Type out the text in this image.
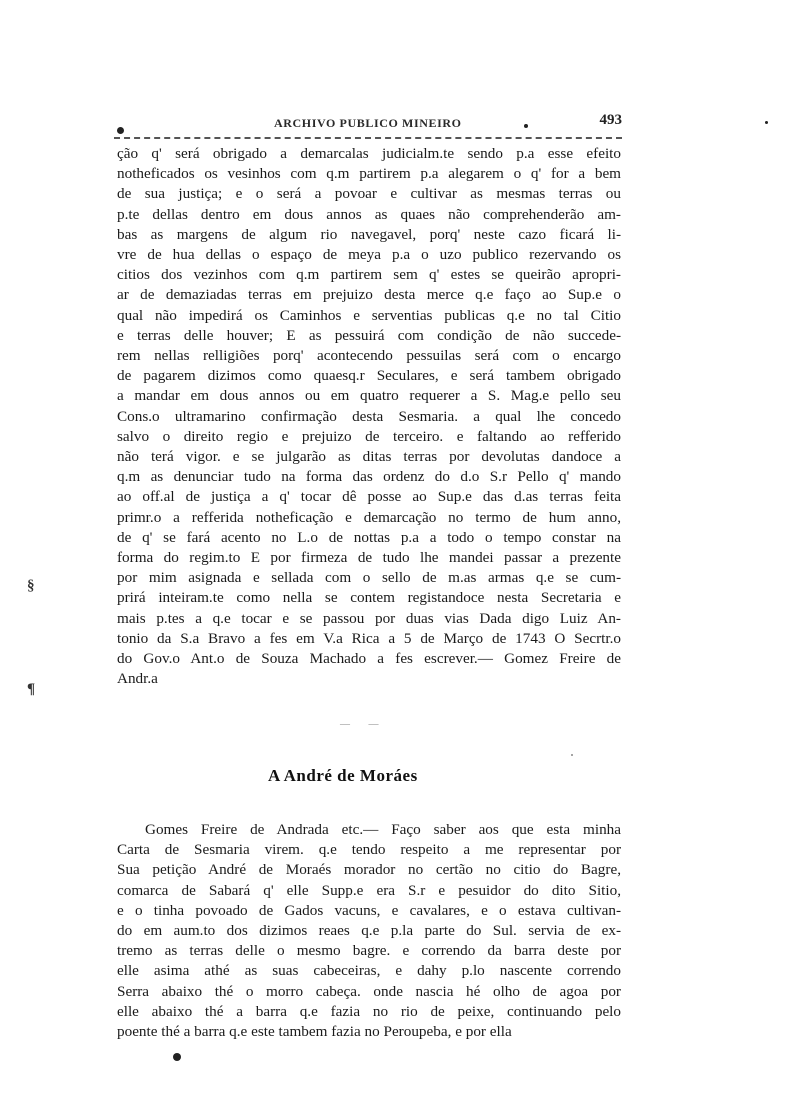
ARCHIVO PUBLICO MINEIRO	493
ção q' será obrigado a demarcalas judicialm.te sendo p.a esse efeito
notheficados os vesinhos com q.m partirem p.a alegarem o q' for a bem
de sua justiça; e o será a povoar e cultivar as mesmas terras ou
p.te dellas dentro em dous annos as quaes não comprehenderão am-
bas as margens de algum rio navegavel, porq' neste cazo ficará li-
vre de hua dellas o espaço de meya p.a o uzo publico rezervando os
citios dos vezinhos com q.m partirem sem q' estes se queirão apropri-
ar de demaziadas terras em prejuizo desta merce q.e faço ao Sup.e o
qual não impedirá os Caminhos e serventias publicas q.e no tal Citio
e terras delle houver; E as pessuirá com condição de não succede-
rem nellas relligiões porq' acontecendo pessuilas será com o encargo
de pagarem dizimos como quaesq.r Seculares, e será tambem obrigado
a mandar em dous annos ou em quatro requerer a S. Mag.e pello seu
Cons.o ultramarino confirmação desta Sesmaria. a qual lhe concedo
salvo o direito regio e prejuizo de terceiro. e faltando ao refferido
não terá vigor. e se julgarão as ditas terras por devolutas dandoce a
q.m as denunciar tudo na forma das ordenz do d.o S.r Pello q' mando
ao off.al de justiça a q' tocar dê posse ao Sup.e das d.as terras feita
primr.o a refferida notheficação e demarcação no termo de hum anno,
de q' se fará acento no L.o de nottas p.a a todo o tempo constar na
forma do regim.to E por firmeza de tudo lhe mandei passar a prezente
por mim asignada e sellada com o sello de m.as armas q.e se cum-
prirá inteiram.te como nella se contem registandoce nesta Secretaria e
mais p.tes a q.e tocar e se passou por duas vias Dada digo Luiz An-
tonio da S.a Bravo a fes em V.a Rica a 5 de Março de 1743 O Secrtr.o
do Gov.o Ant.o de Souza Machado a fes escrever.— Gomez Freire de
Andr.a
§
¶
— —
A André de Moráes
Gomes Freire de Andrada etc.— Faço saber aos que esta minha
Carta de Sesmaria virem. q.e tendo respeito a me representar por
Sua petição André de Moraés morador no certão no citio do Bagre,
comarca de Sabará q' elle Supp.e era S.r e pesuidor do dito Sitio,
e o tinha povoado de Gados vacuns, e cavalares, e o estava cultivan-
do em aum.to dos dizimos reaes q.e p.la parte do Sul. servia de ex-
tremo as terras delle o mesmo bagre. e correndo da barra deste por
elle asima athé as suas cabeceiras, e dahy p.lo nascente correndo
Serra abaixo thé o morro cabeça. onde nascia hé olho de agoa por
elle abaixo thé a barra q.e fazia no rio de peixe, continuando pelo
poente thé a barra q.e este tambem fazia no Peroupeba, e por ella
